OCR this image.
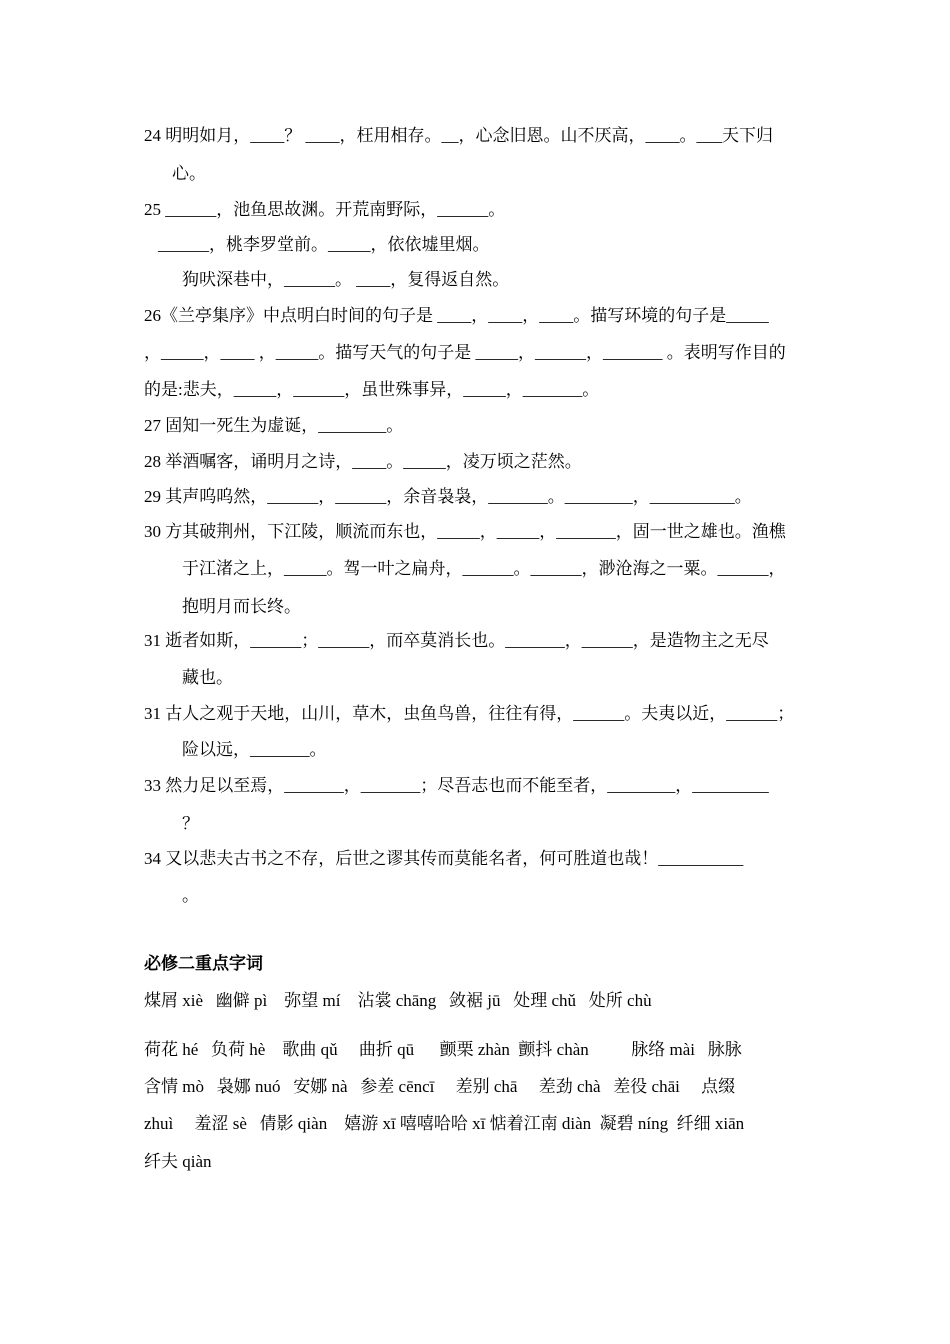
24 明明如月，____？ ____，枉用相存。__，心念旧恩。山不厌高，____。___天下归
心。
25 ______，池鱼思故渊。开荒南野际，______。
______，桃李罗堂前。_____，依依墟里烟。
狗吠深巷中，______。 ____，复得返自然。
26《兰亭集序》中点明白时间的句子是 ____，____，____。描写环境的句子是_____
，_____，____ ，_____。描写天气的句子是 _____，______，_______ 。表明写作目的
的是:悲夫，_____，______，虽世殊事异，_____，_______。
27 固知一死生为虚诞，________。
28 举酒嘱客，诵明月之诗，____。_____，凌万顷之茫然。
29 其声呜呜然，______，______，余音袅袅，_______。________，__________。
30 方其破荆州，下江陵，顺流而东也，_____，_____，_______，固一世之雄也。渔樵
于江渚之上，_____。驾一叶之扁舟，______。______，渺沧海之一粟。______，
抱明月而长终。
31 逝者如斯，______；______，而卒莫消长也。_______，______，是造物主之无尽
藏也。
31 古人之观于天地，山川，草木，虫鱼鸟兽，往往有得，______。夫夷以近，______；
险以远，_______。
33 然力足以至焉，_______，_______；尽吾志也而不能至者，________，_________
？
34 又以悲夫古书之不存，后世之谬其传而莫能名者，何可胜道也哉！__________
。
必修二重点字词
煤屑 xiè   幽僻 pì    弥望 mí    沾裳 chāng   敛裾 jū   处理 chǔ   处所 chù
荷花 hé   负荷 hè    歌曲 qǔ     曲折 qū      颤栗 zhàn  颤抖 chàn          脉络 mài   脉脉
含情 mò   袅娜 nuó   安娜 nà   参差 cēncī     差别 chā     差劲 chà   差役 chāi     点缀
zhuì     羞涩 sè   倩影 qiàn    嬉游 xī 嘻嘻哈哈 xī 惦着江南 diàn  凝碧 níng  纤细 xiān
纤夫 qiàn
